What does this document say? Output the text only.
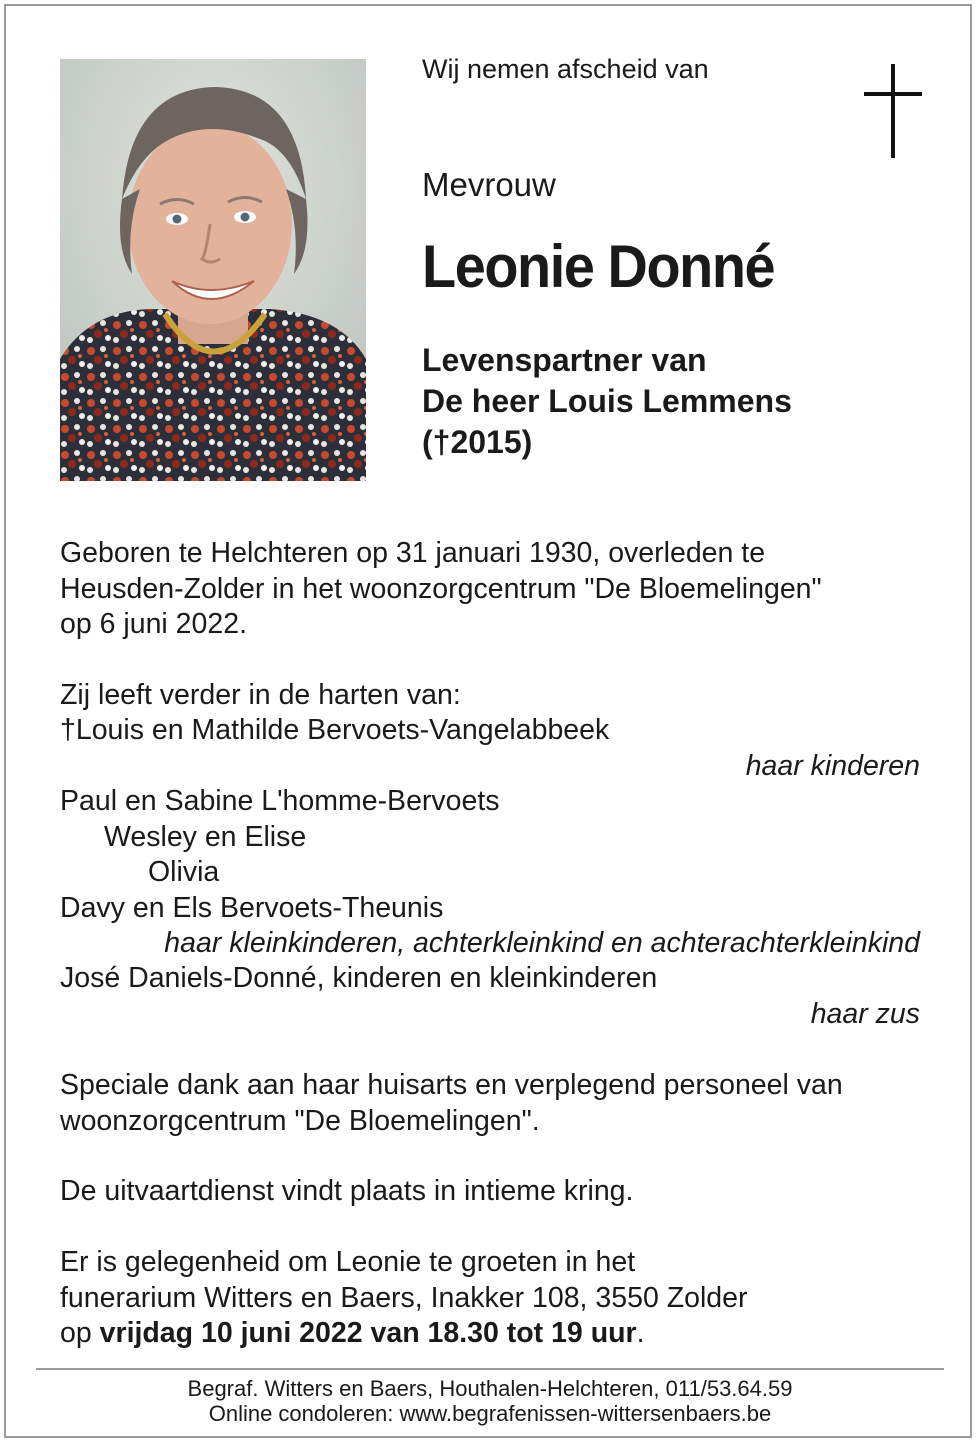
Wij nemen afscheid van
Mevrouw
Leonie Donné
Levenspartner van
De heer Louis Lemmens
(†2015)
Geboren te Helchteren op 31 januari 1930, overleden te
Heusden-Zolder in het woonzorgcentrum "De Bloemelingen"
op 6 juni 2022.
Zij leeft verder in de harten van:
†Louis en Mathilde Bervoets-Vangelabbeek
haar kinderen
Paul en Sabine L'homme-Bervoets
Wesley en Elise
Olivia
Davy en Els Bervoets-Theunis
haar kleinkinderen, achterkleinkind en achterachterkleinkind
José Daniels-Donné, kinderen en kleinkinderen
haar zus
Speciale dank aan haar huisarts en verplegend personeel van
woonzorgcentrum "De Bloemelingen".
De uitvaartdienst vindt plaats in intieme kring.
Er is gelegenheid om Leonie te groeten in het
funerarium Witters en Baers, Inakker 108, 3550 Zolder
op vrijdag 10 juni 2022 van 18.30 tot 19 uur.
Begraf. Witters en Baers, Houthalen-Helchteren, 011/53.64.59
Online condoleren: www.begrafenissen-wittersenbaers.be
